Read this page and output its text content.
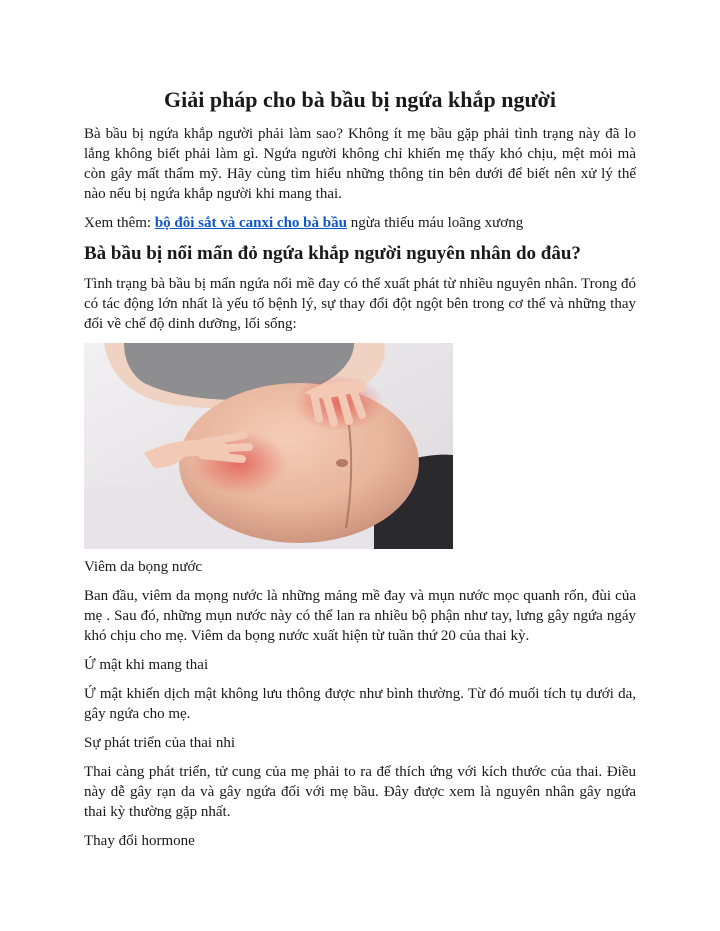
Giải pháp cho bà bầu bị ngứa khắp người

Bà bầu bị ngứa khắp người phải làm sao? Không ít mẹ bầu gặp phải tình trạng này đã lo lắng không biết phải làm gì. Ngứa người không chỉ khiến mẹ thấy khó chịu, mệt mỏi mà còn gây mất thẩm mỹ. Hãy cùng tìm hiểu những thông tin bên dưới để biết nên xử lý thế nào nếu bị ngứa khắp người khi mang thai.

Xem thêm: bộ đôi sắt và canxi cho bà bầu ngừa thiếu máu loãng xương

Bà bầu bị nổi mẩn đỏ ngứa khắp người nguyên nhân do đâu?

Tình trạng bà bầu bị mẩn ngứa nổi mề đay có thể xuất phát từ nhiều nguyên nhân. Trong đó có tác động lớn nhất là yếu tố bệnh lý, sự thay đổi đột ngột bên trong cơ thể và những thay đổi về chế độ dinh dưỡng, lối sống:

Viêm da bọng nước

Ban đầu, viêm da mọng nước là những mảng mề đay và mụn nước mọc quanh rốn, đùi của mẹ . Sau đó, những mụn nước này có thể lan ra nhiều bộ phận như tay, lưng gây ngứa ngáy khó chịu cho mẹ. Viêm da bọng nước xuất hiện từ tuần thứ 20 của thai kỳ.

Ứ mật khi mang thai

Ứ mật khiến dịch mật không lưu thông được như bình thường. Từ đó muối tích tụ dưới da, gây ngứa cho mẹ.

Sự phát triển của thai nhi

Thai càng phát triển, tử cung của mẹ phải to ra để thích ứng với kích thước của thai. Điều này dễ gây rạn da và gây ngứa đối với mẹ bầu. Đây được xem là nguyên nhân gây ngứa thai kỳ thường gặp nhất.

Thay đổi hormone
